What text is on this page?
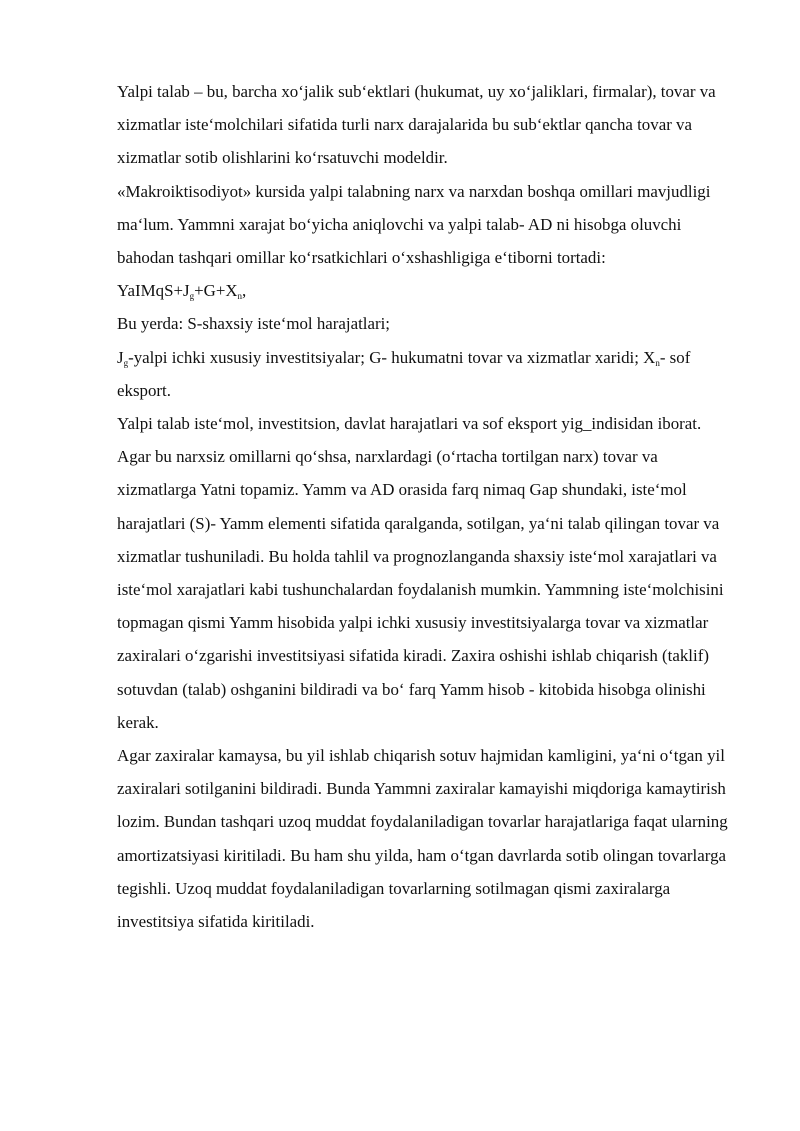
Yalpi talab – bu, barcha xo‘jalik sub‘ektlari (hukumat, uy xo‘jaliklari, firmalar), tovar va xizmatlar iste‘molchilari sifatida turli narx darajalarida bu sub‘ektlar qancha tovar va xizmatlar sotib olishlarini ko‘rsatuvchi modeldir.

«Makroiktisodiyot» kursida yalpi talabning narx va narxdan boshqa omillari mavjudligi ma‘lum. Yammni xarajat bo‘yicha aniqlovchi va yalpi talab- AD ni hisobga oluvchi bahodan tashqari omillar ko‘rsatkichlari o‘xshashligiga e‘tiborni tortadi:

$YaIMqS+J_g+G+X_n$,

Bu yerda: S-shaxsiy iste‘mol harajatlari;

$J_g$-yalpi ichki xususiy investitsiyalar; G- hukumatni tovar va xizmatlar xaridi; $X_n-$ sof eksport.

Yalpi talab iste‘mol, investitsion, davlat harajatlari va sof eksport yig_indisidan iborat. Agar bu narxsiz omillarni qo‘shsa, narxlardagi (o‘rtacha tortilgan narx) tovar va xizmatlarga Yatni topamiz. Yamm va AD orasida farq nimaq Gap shundaki, iste‘mol harajatlari (S)- Yamm elementi sifatida qaralganda, sotilgan, ya‘ni talab qilingan tovar va xizmatlar tushuniladi. Bu holda tahlil va prognozlanganda shaxsiy iste‘mol xarajatlari va iste‘mol xarajatlari kabi tushunchalardan foydalanish mumkin. Yammning iste‘molchisini topmagan qismi Yamm hisobida yalpi ichki xususiy investitsiyalarga tovar va xizmatlar zaxiralari o‘zgarishi investitsiyasi sifatida kiradi. Zaxira oshishi ishlab chiqarish (taklif) sotuvdan (talab) oshganini bildiradi va bo‘ farq Yamm hisob - kitobida hisobga olinishi kerak.

Agar zaxiralar kamaysa, bu yil ishlab chiqarish sotuv hajmidan kamligini, ya‘ni o‘tgan yil zaxiralari sotilganini bildiradi. Bunda Yammni zaxiralar kamayishi miqdoriga kamaytirish lozim. Bundan tashqari uzoq muddat foydalaniladigan tovarlar harajatlariga faqat ularning amortizatsiyasi kiritiladi. Bu ham shu yilda, ham o‘tgan davrlarda sotib olingan tovarlarga tegishli. Uzoq muddat foydalaniladigan tovarlarning sotilmagan qismi zaxiralarga investitsiya sifatida kiritiladi.
